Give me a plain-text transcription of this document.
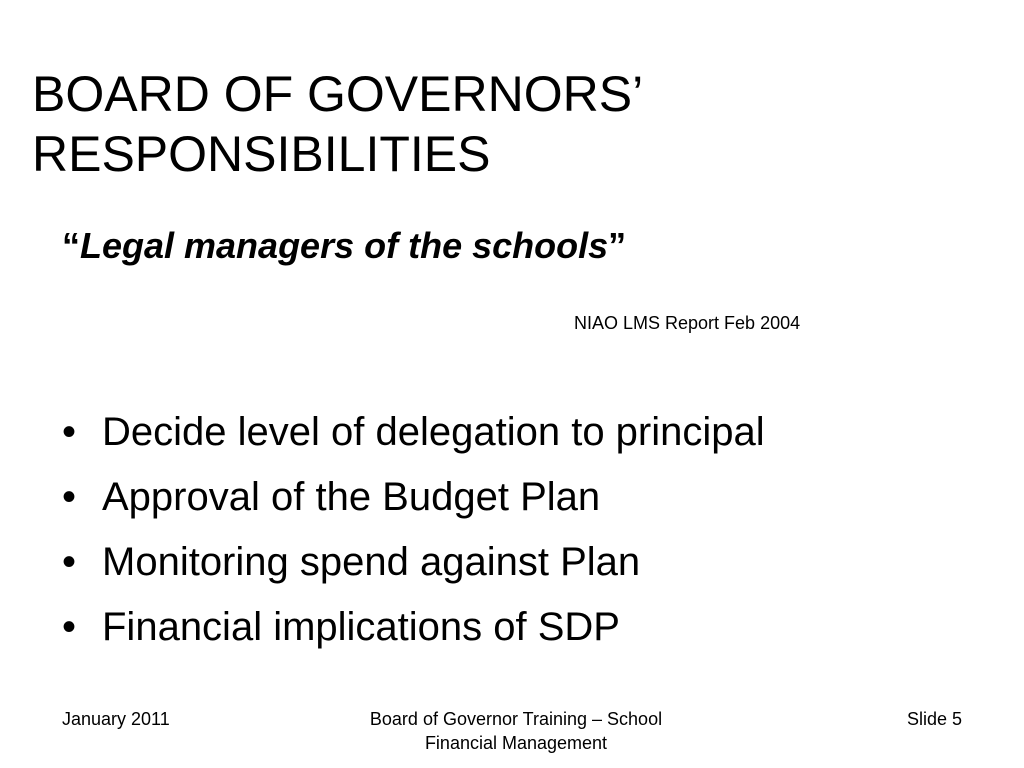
BOARD OF GOVERNORS’
RESPONSIBILITIES
“Legal managers of the schools”
NIAO LMS Report Feb 2004
• Decide level of delegation to principal
• Approval of the Budget Plan
• Monitoring spend against Plan
• Financial implications of SDP
January 2011	Board of Governor Training – School
Financial Management
Slide 5
